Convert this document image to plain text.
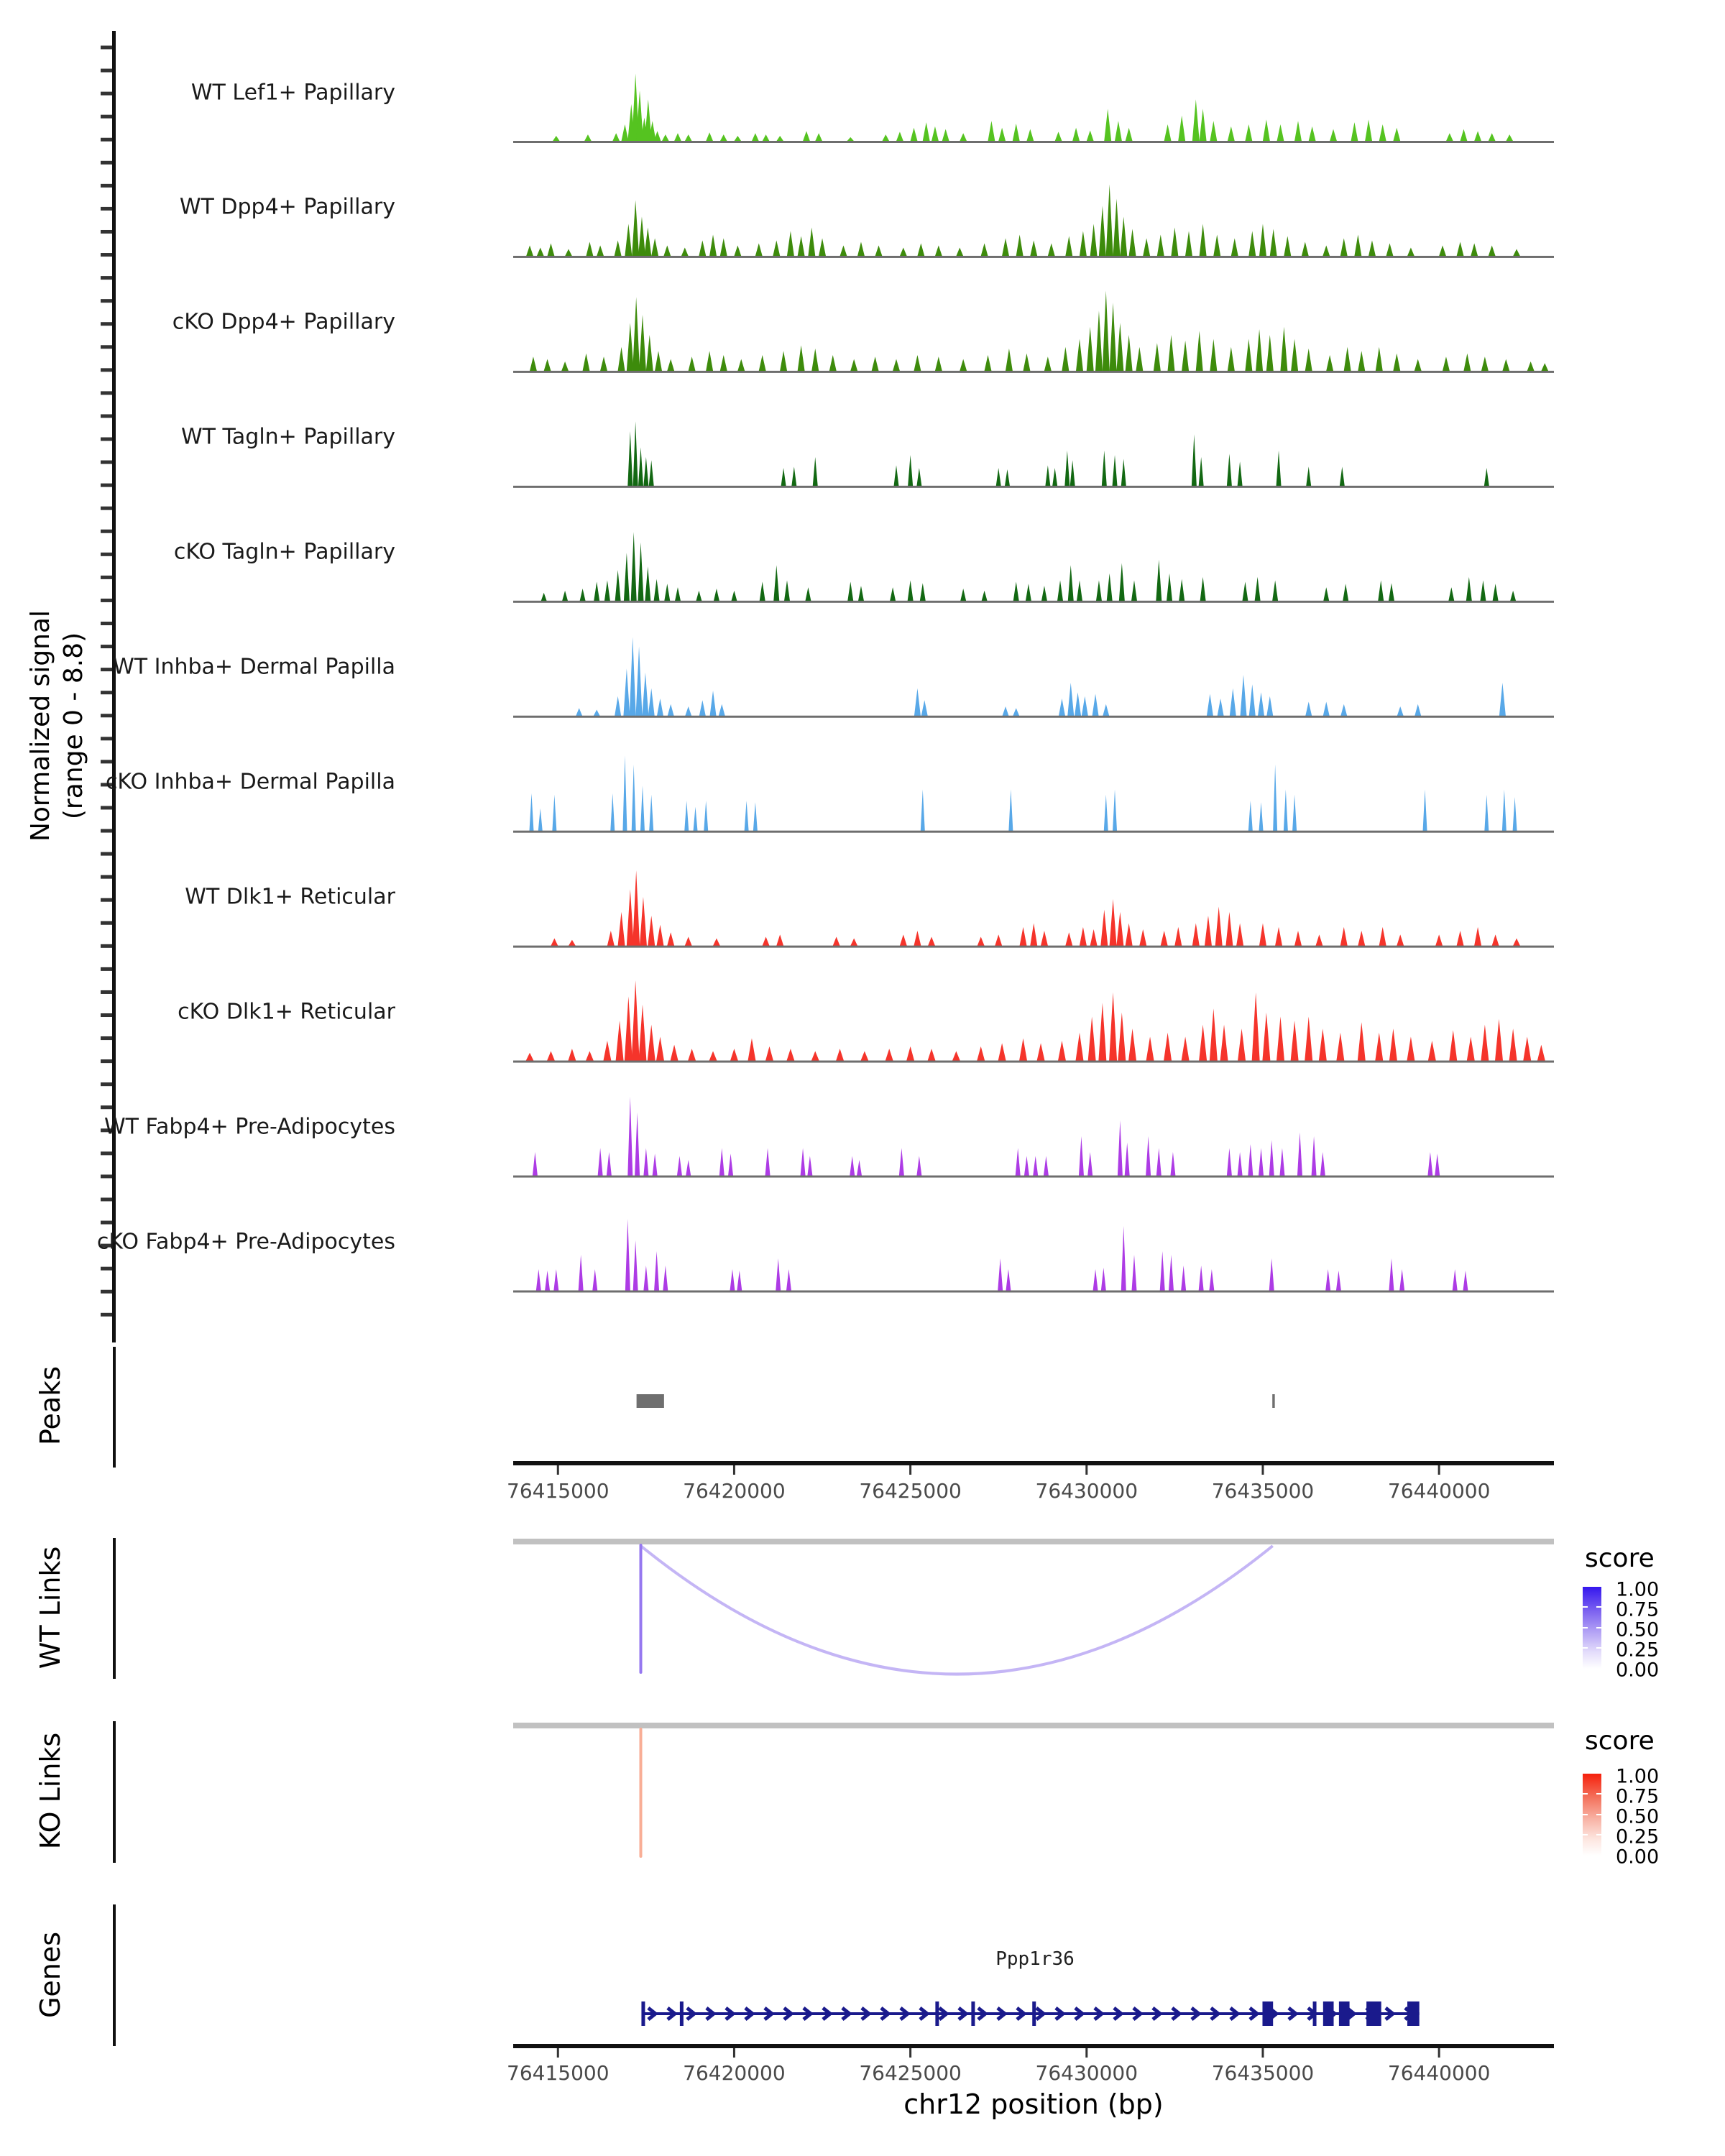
Normalized signal (range 0 - 8.8)
Peaks
WT Links
KO Links
Genes	Ppp1r36
chr12 position (bp)
score
1.00
0.75
0.50
0.25
0.00
score
1.00
0.75
0.50
0.25
0.00
WT Lef1+ Papillary
WT Dpp4+ Papillary
cKO Dpp4+ Papillary
WT Tagln+ Papillary
cKO Tagln+ Papillary
WT Inhba+ Dermal Papilla
cKO Inhba+ Dermal Papilla
WT Dlk1+ Reticular
cKO Dlk1+ Reticular
WT Fabp4+ Pre-Adipocytes
cKO Fabp4+ Pre-Adipocytes
76415000	76420000	76425000	76430000	76435000	76440000
76415000	76420000	76425000	76430000	76435000	76440000
